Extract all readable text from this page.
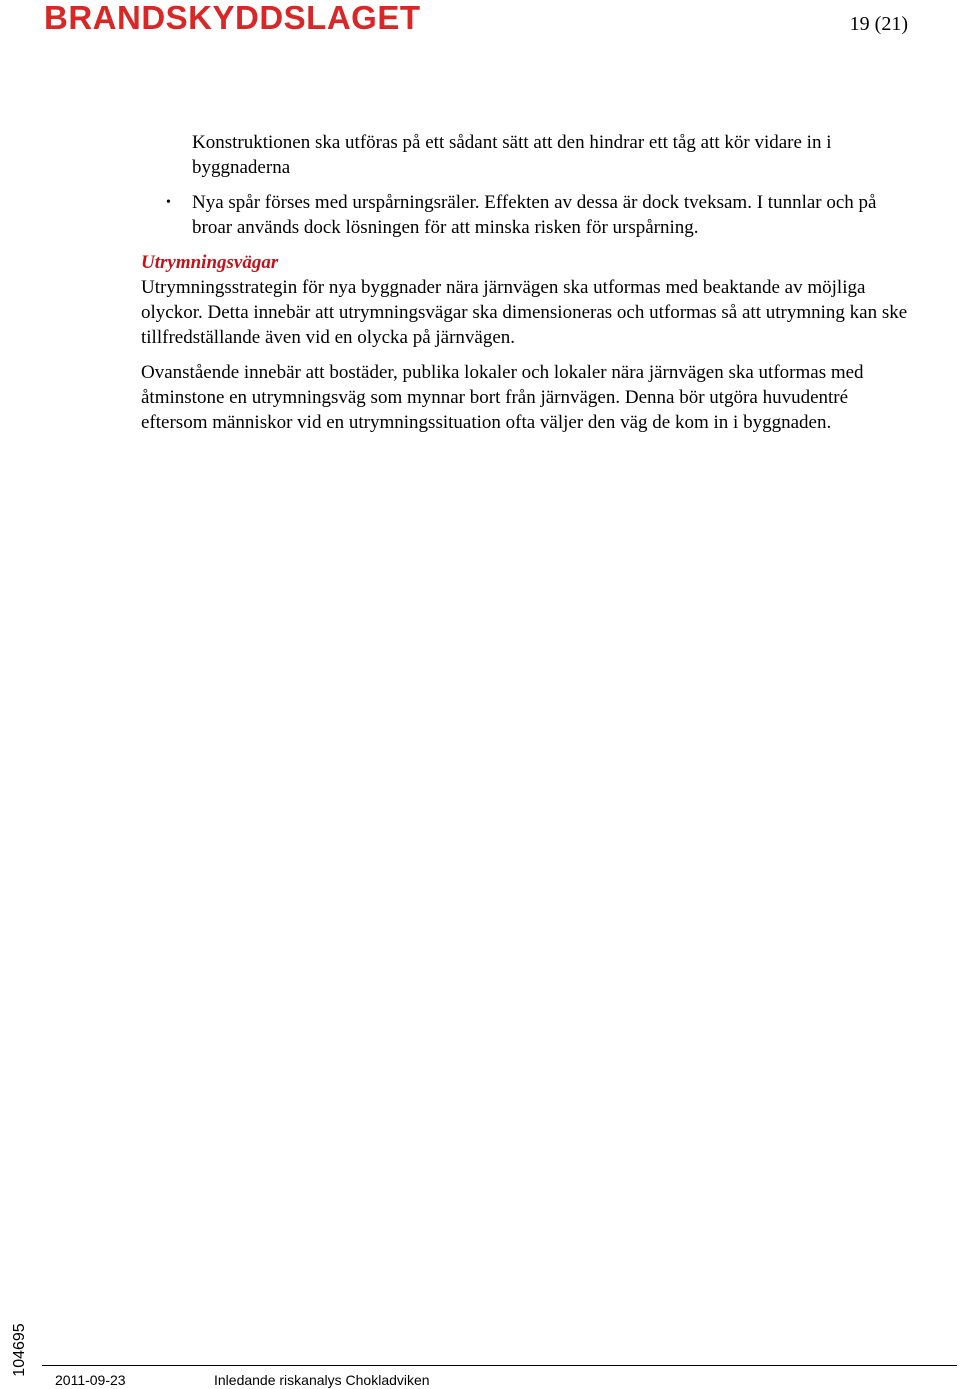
BRANDSKYDDSLAGET	19 (21)
Konstruktionen ska utföras på ett sådant sätt att den hindrar ett tåg att kör vidare in i byggnaderna
• Nya spår förses med urspårningsräler. Effekten av dessa är dock tveksam. I tunnlar och på broar används dock lösningen för att minska risken för urspårning.

Utrymningsvägar

Utrymningsstrategin för nya byggnader nära järnvägen ska utformas med beaktande av möjliga olyckor. Detta innebär att utrymningsvägar ska dimensioneras och utformas så att utrymning kan ske tillfredställande även vid en olycka på järnvägen.

Ovanstående innebär att bostäder, publika lokaler och lokaler nära järnvägen ska utformas med åtminstone en utrymningsväg som mynnar bort från järnvägen. Denna bör utgöra huvudentré eftersom människor vid en utrymningssituation ofta väljer den väg de kom in i byggnaden.

104695
2011-09-23	Inledande riskanalys Chokladviken
